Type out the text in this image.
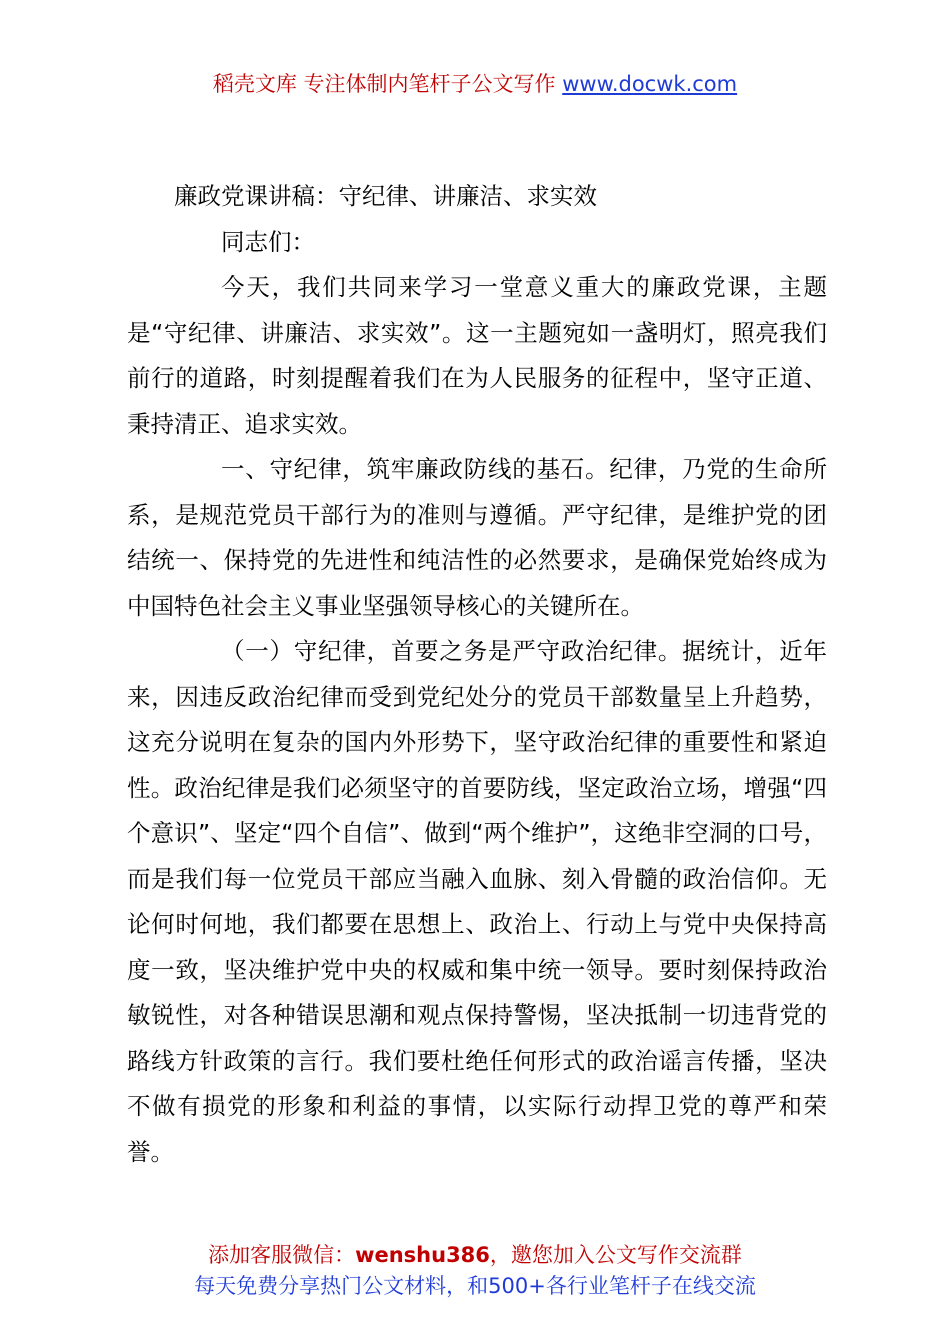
稻壳文库 专注体制内笔杆子公文写作 www.docwk.com

廉政党课讲稿：守纪律、讲廉洁、求实效

同志们：

今天，我们共同来学习一堂意义重大的廉政党课，主题是“守纪律、讲廉洁、求实效”。这一主题宛如一盏明灯，照亮我们前行的道路，时刻提醒着我们在为人民服务的征程中，坚守正道、秉持清正、追求实效。

一、守纪律，筑牢廉政防线的基石。纪律，乃党的生命所系，是规范党员干部行为的准则与遵循。严守纪律，是维护党的团结统一、保持党的先进性和纯洁性的必然要求，是确保党始终成为中国特色社会主义事业坚强领导核心的关键所在。

（一）守纪律，首要之务是严守政治纪律。据统计，近年来，因违反政治纪律而受到党纪处分的党员干部数量呈上升趋势，这充分说明在复杂的国内外形势下，坚守政治纪律的重要性和紧迫性。政治纪律是我们必须坚守的首要防线，坚定政治立场，增强“四个意识”、坚定“四个自信”、做到“两个维护”，这绝非空洞的口号，而是我们每一位党员干部应当融入血脉、刻入骨髓的政治信仰。无论何时何地，我们都要在思想上、政治上、行动上与党中央保持高度一致，坚决维护党中央的权威和集中统一领导。要时刻保持政治敏锐性，对各种错误思潮和观点保持警惕，坚决抵制一切违背党的路线方针政策的言行。我们要杜绝任何形式的政治谣言传播，坚决不做有损党的形象和利益的事情，以实际行动捍卫党的尊严和荣誉。

添加客服微信：wenshu386，邀您加入公文写作交流群
每天免费分享热门公文材料，和500+各行业笔杆子在线交流
